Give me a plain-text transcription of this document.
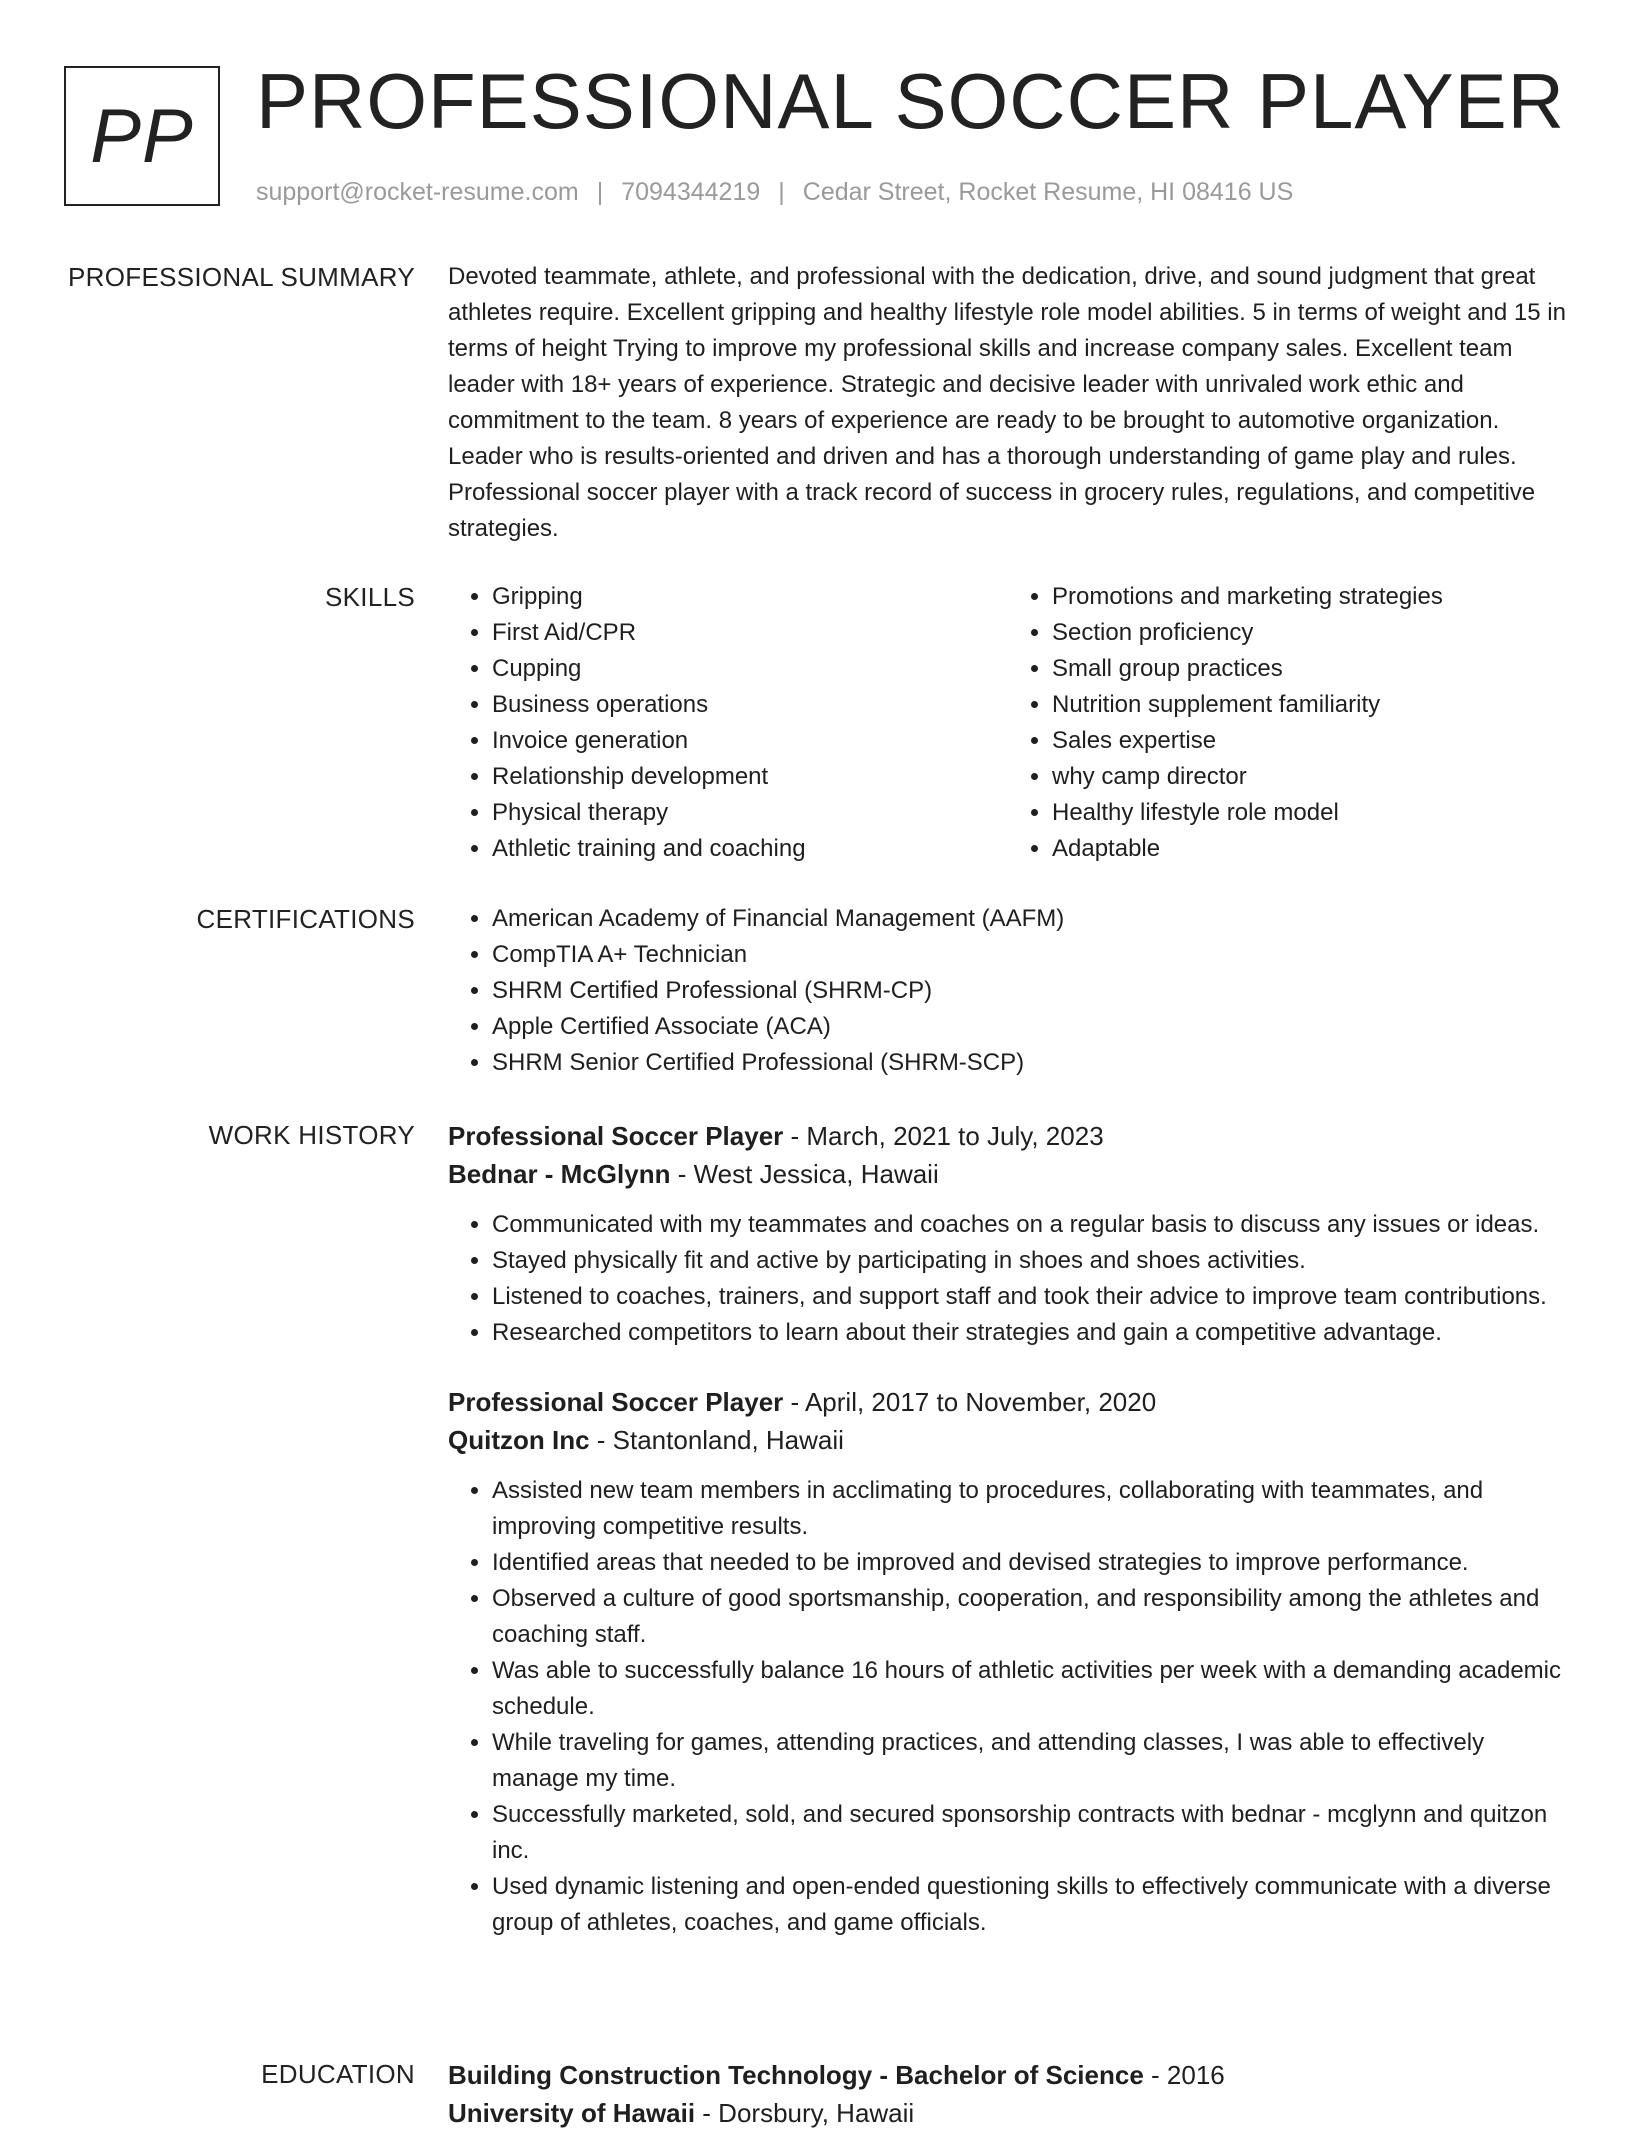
PP PROFESSIONAL SOCCER PLAYER
support@rocket-resume.com | 7094344219 | Cedar Street, Rocket Resume, HI 08416 US
PROFESSIONAL SUMMARY Devoted teammate, athlete, and professional with the dedication, drive, and sound judgment that great athletes require. Excellent gripping and healthy lifestyle role model abilities. 5 in terms of weight and 15 in terms of height Trying to improve my professional skills and increase company sales. Excellent team leader with 18+ years of experience. Strategic and decisive leader with unrivaled work ethic and commitment to the team. 8 years of experience are ready to be brought to automotive organization. Leader who is results-oriented and driven and has a thorough understanding of game play and rules. Professional soccer player with a track record of success in grocery rules, regulations, and competitive strategies.

SKILLS	• Gripping
• First Aid/CPR
• Cupping
• Business operations
• Invoice generation
• Relationship development
• Physical therapy
• Athletic training and coaching
• Promotions and marketing strategies
• Section proficiency
• Small group practices
• Nutrition supplement familiarity
• Sales expertise
• why camp director
• Healthy lifestyle role model
• Adaptable
CERTIFICATIONS	• American Academy of Financial Management (AAFM)
• CompTIA A+ Technician
• SHRM Certified Professional (SHRM-CP)
• Apple Certified Associate (ACA)
• SHRM Senior Certified Professional (SHRM-SCP)
WORK HISTORY Professional Soccer Player - March, 2021 to July, 2023
Bednar - McGlynn - West Jessica, Hawaii
• Communicated with my teammates and coaches on a regular basis to discuss any issues or ideas.
• Stayed physically fit and active by participating in shoes and shoes activities.
• Listened to coaches, trainers, and support staff and took their advice to improve team contributions.
• Researched competitors to learn about their strategies and gain a competitive advantage.
Professional Soccer Player - April, 2017 to November, 2020
Quitzon Inc - Stantonland, Hawaii
• Assisted new team members in acclimating to procedures, collaborating with teammates, and improving competitive results.
• Identified areas that needed to be improved and devised strategies to improve performance.
• Observed a culture of good sportsmanship, cooperation, and responsibility among the athletes and coaching staff.
• Was able to successfully balance 16 hours of athletic activities per week with a demanding academic schedule.
• While traveling for games, attending practices, and attending classes, I was able to effectively manage my time.
• Successfully marketed, sold, and secured sponsorship contracts with bednar - mcglynn and quitzon inc.
• Used dynamic listening and open-ended questioning skills to effectively communicate with a diverse group of athletes, coaches, and game officials.
EDUCATION Building Construction Technology - Bachelor of Science - 2016
University of Hawaii - Dorsbury, Hawaii
